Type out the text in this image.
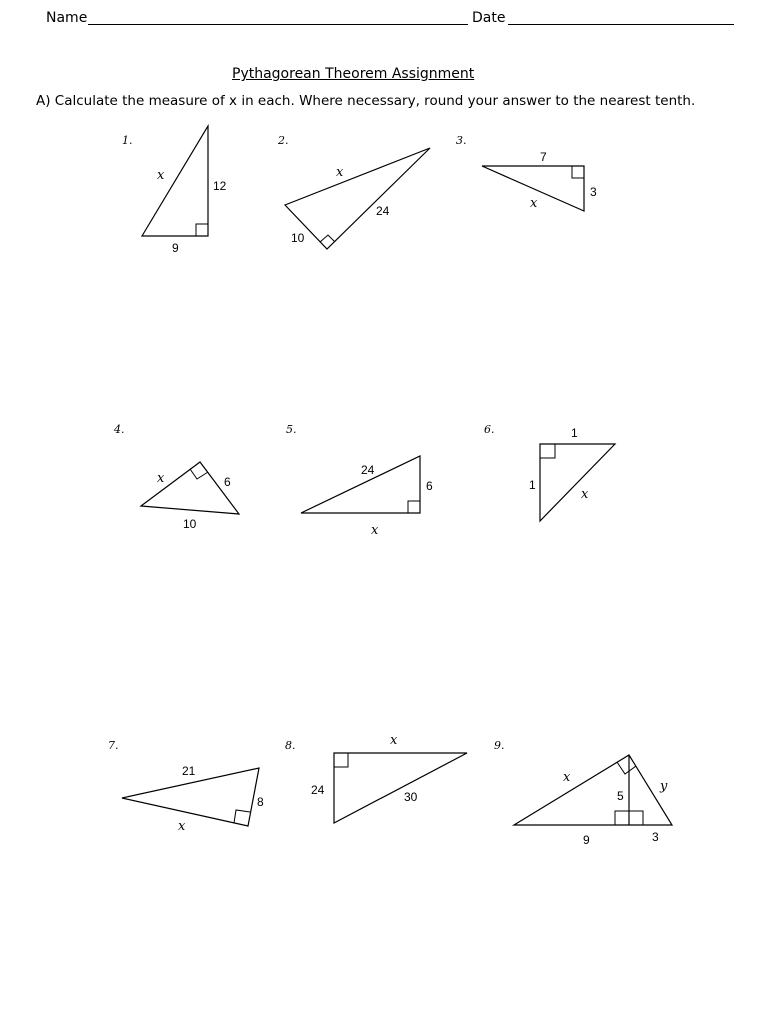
Name	Date
Pythagorean Theorem Assignment
A) Calculate the measure of x in each. Where necessary, round your answer to the nearest tenth.
1.
x
12
9
2.
x
24
10
3.
7
3
x
4.
x	6
10
5.
24
6
x
6.	1
1
x
7.
21
8
x
8.	x
24	30
9.
x
y
5
9	3
